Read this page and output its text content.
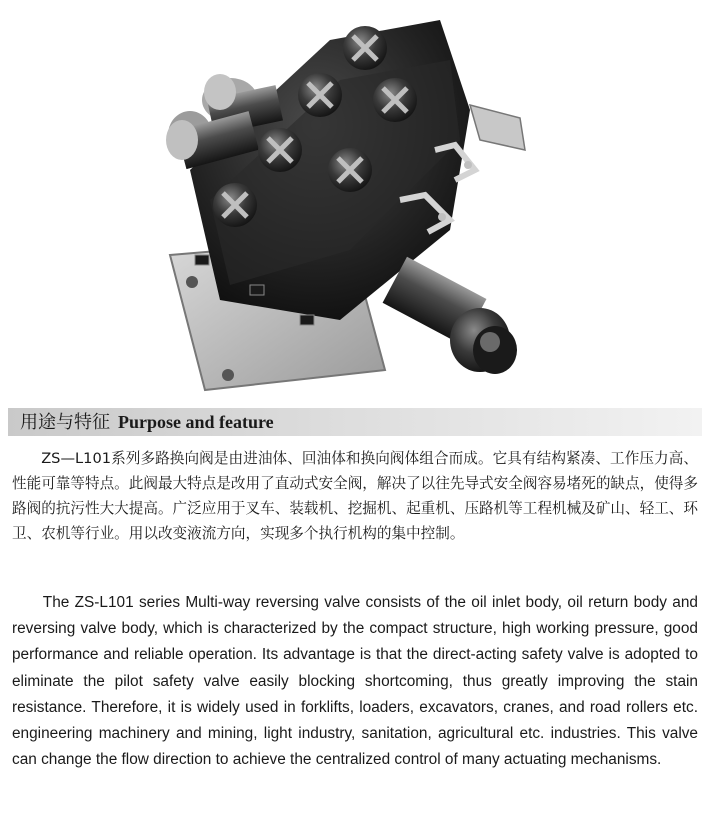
用途与特征 Purpose and feature

ZS—L101系列多路换向阀是由进油体、回油体和换向阀体组合而成。它具有结构紧凑、工作压力高、性能可靠等特点。此阀最大特点是改用了直动式安全阀，解决了以往先导式安全阀容易堵死的缺点，使得多路阀的抗污性大大提高。广泛应用于叉车、装载机、挖掘机、起重机、压路机等工程机械及矿山、轻工、环卫、农机等行业。用以改变液流方向，实现多个执行机构的集中控制。

The ZS-L101 series Multi-way reversing valve consists of the oil inlet body, oil return body and reversing valve body, which is characterized by the compact structure, high working pressure, good performance and reliable operation. Its advantage is that the direct-acting safety valve is adopted to eliminate the pilot safety valve easily blocking shortcoming, thus greatly improving the stain resistance. Therefore, it is widely used in forklifts, loaders, excavators, cranes, and road rollers etc. engineering machinery and mining, light industry, sanitation, agricultural etc. industries. This valve can change the flow direction to achieve the centralized control of many actuating mechanisms.
